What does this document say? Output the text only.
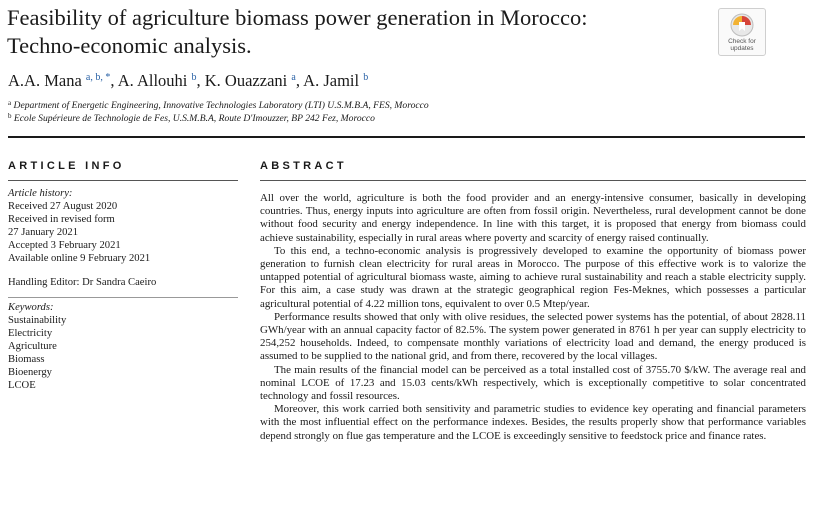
Feasibility of agriculture biomass power generation in Morocco:
Techno-economic analysis.	Check for
updates
A.A. Mana $^{a, b, *}$, A. Allouhi $^b$, K. Ouazzani $^a$, A. Jamil $^b$
$^a$ Department of Energetic Engineering, Innovative Technologies Laboratory (LTI) U.S.M.B.A, FES, Morocco
$^b$ Ecole Supérieure de Technologie de Fes, U.S.M.B.A, Route D'Imouzzer, BP 242 Fez, Morocco
ARTICLE INFO	ABSTRACT
Article history:
Received 27 August 2020
Received in revised form
27 January 2021
Accepted 3 February 2021
Available online 9 February 2021
Handling Editor: Dr Sandra Caeiro
Keywords:
Sustainability
Electricity
Agriculture
Biomass
Bioenergy
LCOE

All over the world, agriculture is both the food provider and an energy-intensive consumer, basically in developing countries. Thus, energy inputs into agriculture are often from fossil origin. Nevertheless, rural development cannot be done without food security and energy independence. In line with this target, it is proposed that energy from biomass could achieve sustainability, especially in rural areas where poverty and scarcity of energy raised continually.

To this end, a techno-economic analysis is progressively developed to examine the opportunity of biomass power generation to furnish clean electricity for rural areas in Morocco. The purpose of this effective work is to valorize the untapped potential of agricultural biomass waste, aiming to achieve rural sustainability and reach a stable electricity supply. For this aim, a case study was drawn at the strategic geographical region Fes-Meknes, which possesses a particular agricultural potential of 4.22 million tons, equivalent to over 0.5 Mtep/year.

Performance results showed that only with olive residues, the selected power systems has the potential, of about 2828.11 GWh/year with an annual capacity factor of 82.5%. The system power generated in 8761 h per year can supply electricity to 254,252 households. Indeed, to compensate monthly variations of electricity load and demand, the energy produced is assumed to be supplied to the national grid, and from there, recovered by the local villages.

The main results of the financial model can be perceived as a total installed cost of 3755.70 $/kW. The average real and nominal LCOE of 17.23 and 15.03 cents/kWh respectively, which is exceptionally competitive to solar concentrated technology and fossil resources.

Moreover, this work carried both sensitivity and parametric studies to evidence key operating and financial parameters with the most influential effect on the performance indexes. Besides, the results properly show that performance variables depend strongly on flue gas temperature and the LCOE is exceedingly sensitive to feedstock price and finance rates.
